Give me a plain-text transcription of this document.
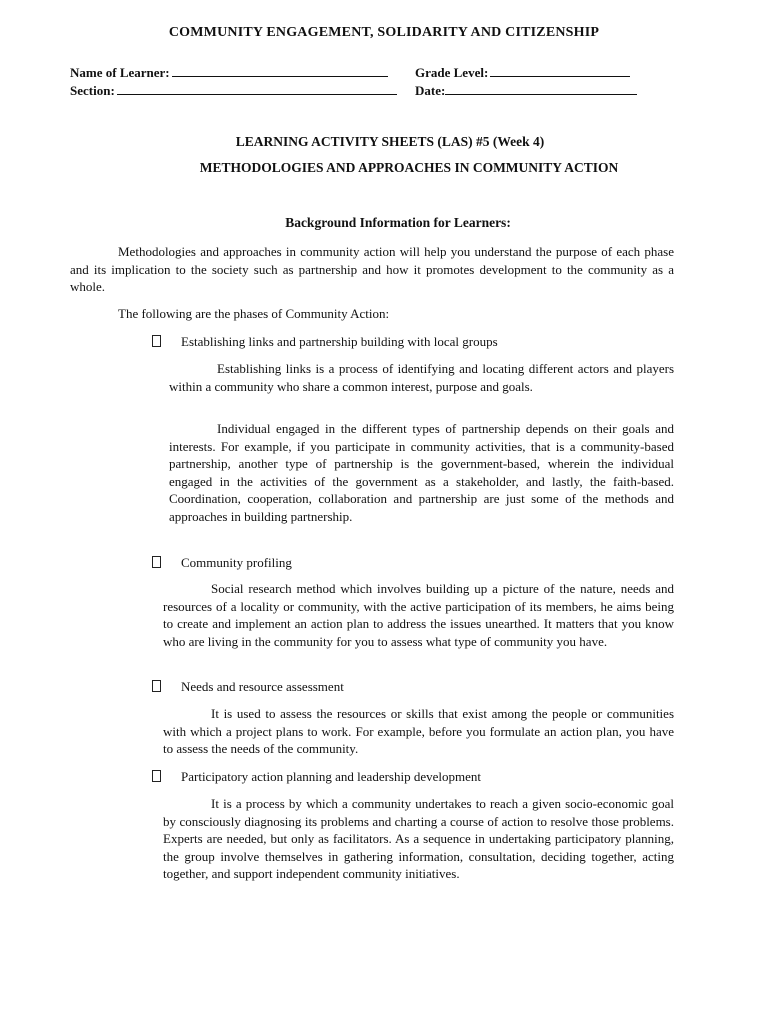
COMMUNITY ENGAGEMENT, SOLIDARITY AND CITIZENSHIP
Name of Learner:	Grade Level:
Section:	Date:
LEARNING ACTIVITY SHEETS (LAS) #5 (Week 4)
METHODOLOGIES AND APPROACHES IN COMMUNITY ACTION
Background Information for Learners:

Methodologies and approaches in community action will help you understand the purpose of each phase and its implication to the society such as partnership and how it promotes development to the community as a whole.

The following are the phases of Community Action:

Establishing links and partnership building with local groups

Establishing links is a process of identifying and locating different actors and players within a community who share a common interest, purpose and goals.

Individual engaged in the different types of partnership depends on their goals and interests. For example, if you participate in community activities, that is a community-based partnership, another type of partnership is the government-based, wherein the individual engaged in the activities of the government as a stakeholder, and lastly, the faith-based. Coordination, cooperation, collaboration and partnership are just some of the methods and approaches in building partnership.

Community profiling

Social research method which involves building up a picture of the nature, needs and resources of a locality or community, with the active participation of its members, he aims being to create and implement an action plan to address the issues unearthed. It matters that you know who are living in the community for you to assess what type of community you have.

Needs and resource assessment

It is used to assess the resources or skills that exist among the people or communities with which a project plans to work. For example, before you formulate an action plan, you have to assess the needs of the community.

Participatory action planning and leadership development

It is a process by which a community undertakes to reach a given socio-economic goal by consciously diagnosing its problems and charting a course of action to resolve those problems. Experts are needed, but only as facilitators. As a sequence in undertaking participatory planning, the group involve themselves in gathering information, consultation, deciding together, acting together, and support independent community initiatives.
